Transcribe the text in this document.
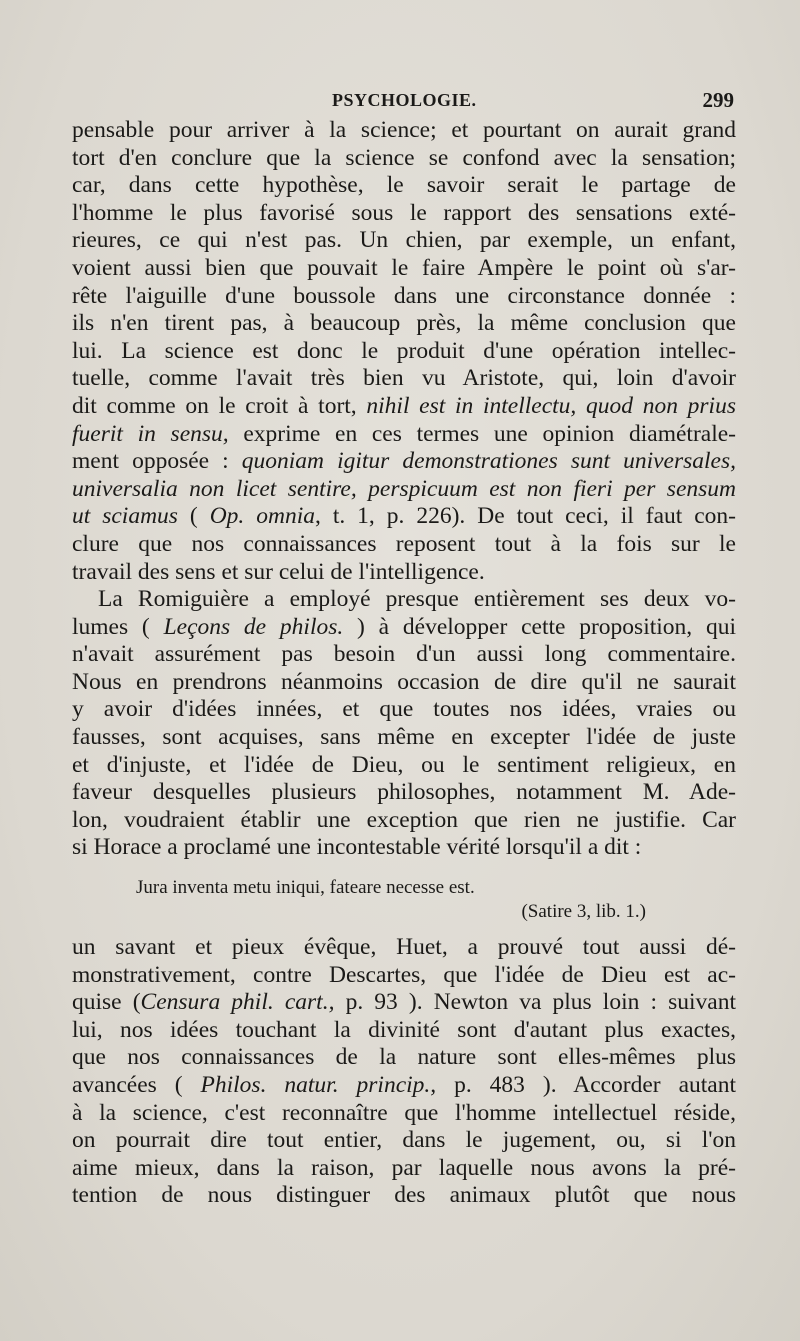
PSYCHOLOGIE.	299
pensable pour arriver à la science; et pourtant on aurait grand
tort d'en conclure que la science se confond avec la sensation;
car, dans cette hypothèse, le savoir serait le partage de
l'homme le plus favorisé sous le rapport des sensations exté-
rieures, ce qui n'est pas. Un chien, par exemple, un enfant,
voient aussi bien que pouvait le faire Ampère le point où s'ar-
rête l'aiguille d'une boussole dans une circonstance donnée :
ils n'en tirent pas, à beaucoup près, la même conclusion que
lui. La science est donc le produit d'une opération intellec-
tuelle, comme l'avait très bien vu Aristote, qui, loin d'avoir
dit comme on le croit à tort, nihil est in intellectu, quod non prius
fuerit in sensu, exprime en ces termes une opinion diamétrale-
ment opposée : quoniam igitur demonstrationes sunt universales,
universalia non licet sentire, perspicuum est non fieri per sensum
ut sciamus ( Op. omnia, t. 1, p. 226). De tout ceci, il faut con-
clure que nos connaissances reposent tout à la fois sur le
travail des sens et sur celui de l'intelligence.
La Romiguière a employé presque entièrement ses deux vo-
lumes ( Leçons de philos. ) à développer cette proposition, qui
n'avait assurément pas besoin d'un aussi long commentaire.
Nous en prendrons néanmoins occasion de dire qu'il ne saurait
y avoir d'idées innées, et que toutes nos idées, vraies ou
fausses, sont acquises, sans même en excepter l'idée de juste
et d'injuste, et l'idée de Dieu, ou le sentiment religieux, en
faveur desquelles plusieurs philosophes, notamment M. Ade-
lon, voudraient établir une exception que rien ne justifie. Car
si Horace a proclamé une incontestable vérité lorsqu'il a dit :
Jura inventa metu iniqui, fateare necesse est.
(Satire 3, lib. 1.)
un savant et pieux évêque, Huet, a prouvé tout aussi dé-
monstrativement, contre Descartes, que l'idée de Dieu est ac-
quise (Censura phil. cart., p. 93 ). Newton va plus loin : suivant
lui, nos idées touchant la divinité sont d'autant plus exactes,
que nos connaissances de la nature sont elles-mêmes plus
avancées ( Philos. natur. princip., p. 483 ). Accorder autant
à la science, c'est reconnaître que l'homme intellectuel réside,
on pourrait dire tout entier, dans le jugement, ou, si l'on
aime mieux, dans la raison, par laquelle nous avons la pré-
tention de nous distinguer des animaux plutôt que nous
